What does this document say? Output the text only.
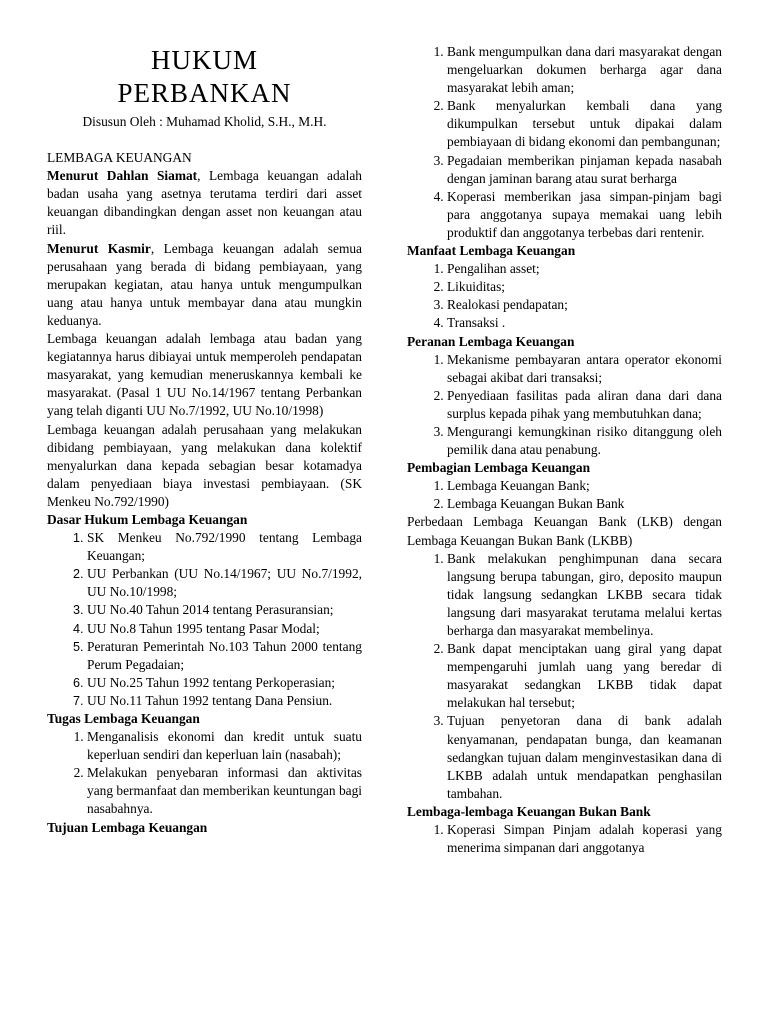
HUKUM
PERBANKAN
Disusun Oleh : Muhamad Kholid, S.H., M.H.

LEMBAGA KEUANGAN

Menurut Dahlan Siamat, Lembaga keuangan adalah badan usaha yang asetnya terutama terdiri dari asset keuangan dibandingkan dengan asset non keuangan atau riil.

Menurut Kasmir, Lembaga keuangan adalah semua perusahaan yang berada di bidang pembiayaan, yang merupakan kegiatan, atau hanya untuk mengumpulkan uang atau hanya untuk membayar dana atau mungkin keduanya.

Lembaga keuangan adalah lembaga atau badan yang kegiatannya harus dibiayai untuk memperoleh pendapatan masyarakat, yang kemudian meneruskannya kembali ke masyarakat. (Pasal 1 UU No.14/1967 tentang Perbankan yang telah diganti UU No.7/1992, UU No.10/1998)

Lembaga keuangan adalah perusahaan yang melakukan dibidang pembiayaan, yang melakukan dana kolektif menyalurkan dana kepada sebagian besar kotamadya dalam penyediaan biaya investasi pembiayaan. (SK Menkeu No.792/1990)

Dasar Hukum Lembaga Keuangan

1. SK Menkeu No.792/1990 tentang Lembaga Keuangan;
2. UU Perbankan (UU No.14/1967; UU No.7/1992, UU No.10/1998;
3. UU No.40 Tahun 2014 tentang Perasuransian;
4. UU No.8 Tahun 1995 tentang Pasar Modal;
5. Peraturan Pemerintah No.103 Tahun 2000 tentang Perum Pegadaian;
6. UU No.25 Tahun 1992 tentang Perkoperasian;
7. UU No.11 Tahun 1992 tentang Dana Pensiun.

Tugas Lembaga Keuangan

1. Menganalisis ekonomi dan kredit untuk suatu keperluan sendiri dan keperluan lain (nasabah);
2. Melakukan penyebaran informasi dan aktivitas yang bermanfaat dan memberikan keuntungan bagi nasabahnya.

Tujuan Lembaga Keuangan

1. Bank mengumpulkan dana dari masyarakat dengan mengeluarkan dokumen berharga agar dana masyarakat lebih aman;
2. Bank menyalurkan kembali dana yang dikumpulkan tersebut untuk dipakai dalam pembiayaan di bidang ekonomi dan pembangunan;
3. Pegadaian memberikan pinjaman kepada nasabah dengan jaminan barang atau surat berharga
4. Koperasi memberikan jasa simpan-pinjam bagi para anggotanya supaya memakai uang lebih produktif dan anggotanya terbebas dari rentenir.

Manfaat Lembaga Keuangan

1. Pengalihan asset;
2. Likuiditas;
3. Realokasi pendapatan;
4. Transaksi .

Peranan Lembaga Keuangan

1. Mekanisme pembayaran antara operator ekonomi sebagai akibat dari transaksi;
2. Penyediaan fasilitas pada aliran dana dari dana surplus kepada pihak yang membutuhkan dana;
3. Mengurangi kemungkinan risiko ditanggung oleh pemilik dana atau penabung.

Pembagian Lembaga Keuangan

1. Lembaga Keuangan Bank;
2. Lembaga Keuangan Bukan Bank

Perbedaan Lembaga Keuangan Bank (LKB) dengan Lembaga Keuangan Bukan Bank (LKBB)

1. Bank melakukan penghimpunan dana secara langsung berupa tabungan, giro, deposito maupun tidak langsung sedangkan LKBB secara tidak langsung dari masyarakat terutama melalui kertas berharga dan masyarakat membelinya.
2. Bank dapat menciptakan uang giral yang dapat mempengaruhi jumlah uang yang beredar di masyarakat sedangkan LKBB tidak dapat melakukan hal tersebut;
3. Tujuan penyetoran dana di bank adalah kenyamanan, pendapatan bunga, dan keamanan sedangkan tujuan dalam menginvestasikan dana di LKBB adalah untuk mendapatkan penghasilan tambahan.

Lembaga-lembaga Keuangan Bukan Bank

1. Koperasi Simpan Pinjam adalah koperasi yang menerima simpanan dari anggotanya
